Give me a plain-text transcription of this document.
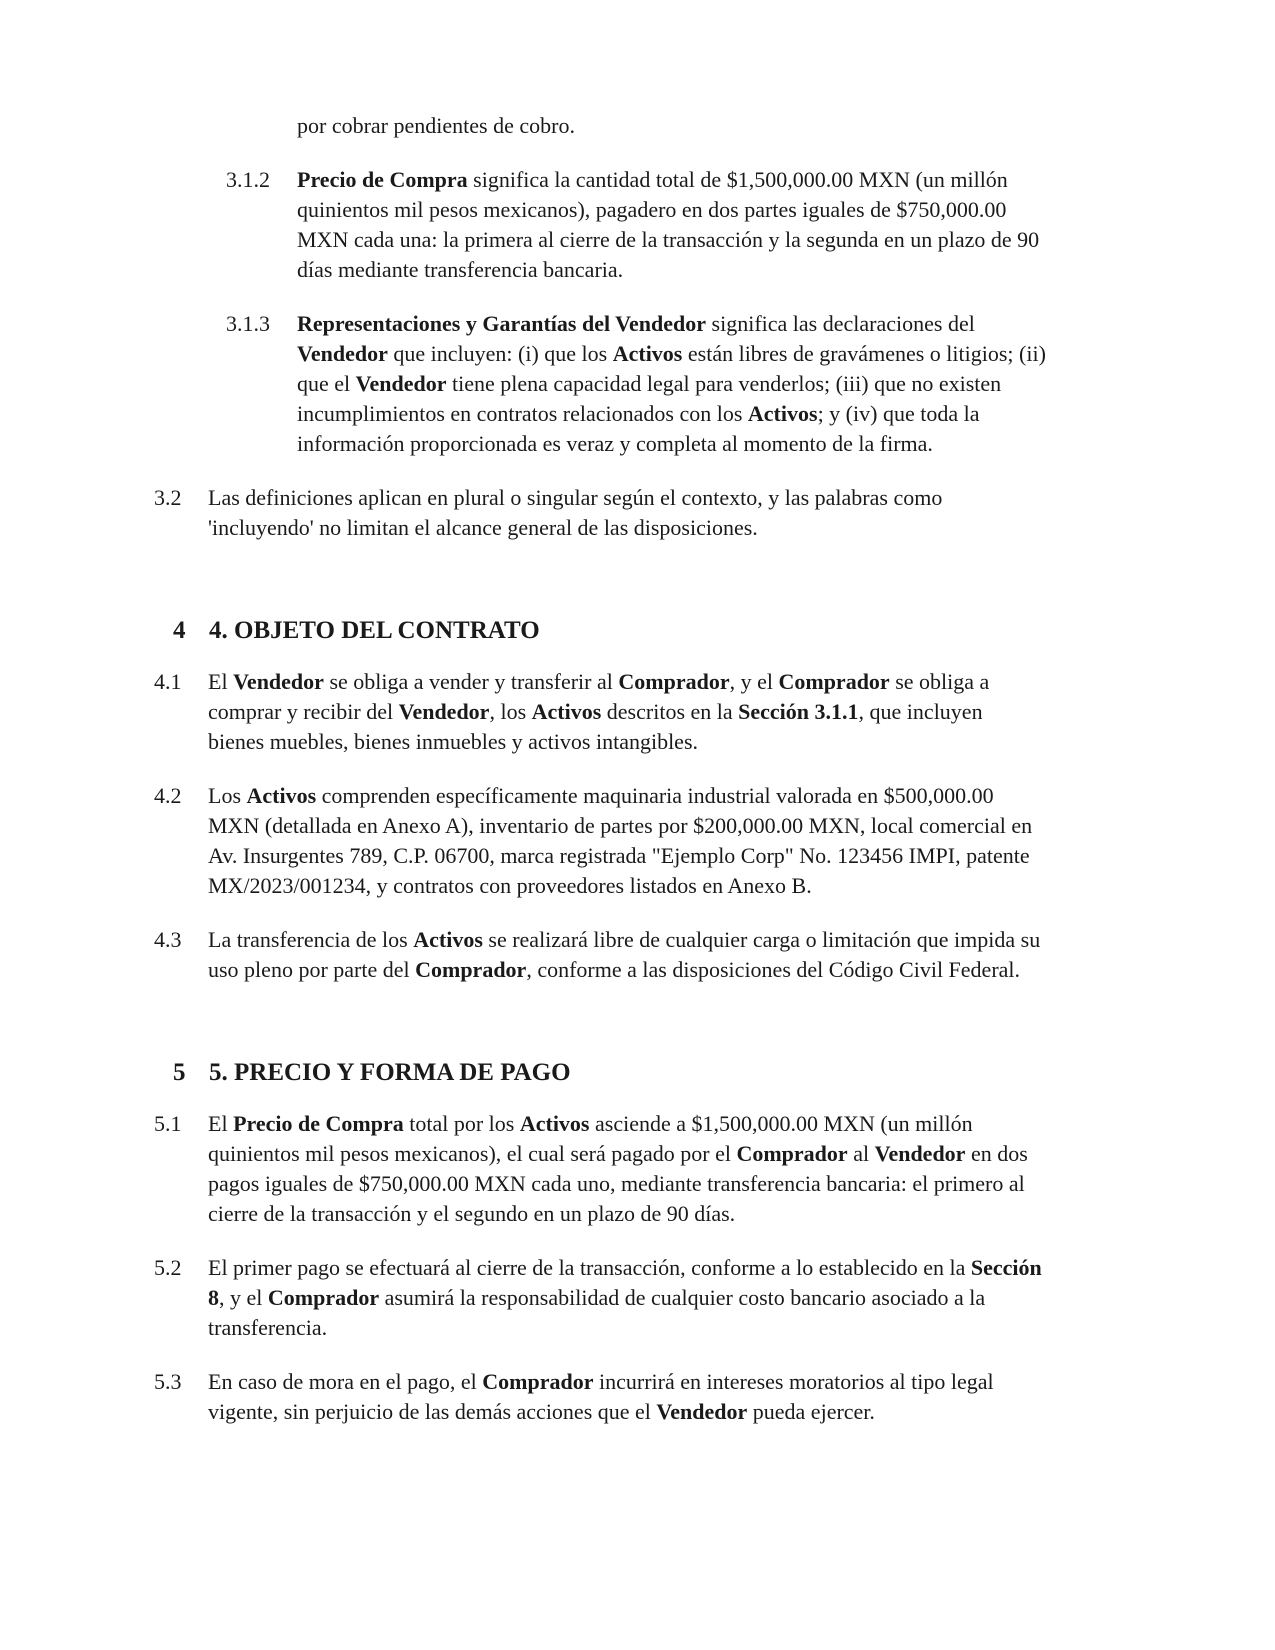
por cobrar pendientes de cobro.
3.1.2	Precio de Compra significa la cantidad total de $1,500,000.00 MXN (un millón
quinientos mil pesos mexicanos), pagadero en dos partes iguales de $750,000.00
MXN cada una: la primera al cierre de la transacción y la segunda en un plazo de 90
días mediante transferencia bancaria.
3.1.3	Representaciones y Garantías del Vendedor significa las declaraciones del
Vendedor que incluyen: (i) que los Activos están libres de gravámenes o litigios; (ii)
que el Vendedor tiene plena capacidad legal para venderlos; (iii) que no existen
incumplimientos en contratos relacionados con los Activos; y (iv) que toda la
información proporcionada es veraz y completa al momento de la firma.
3.2	Las definiciones aplican en plural o singular según el contexto, y las palabras como
'incluyendo' no limitan el alcance general de las disposiciones.
4 4. OBJETO DEL CONTRATO
4.1	El Vendedor se obliga a vender y transferir al Comprador, y el Comprador se obliga a
comprar y recibir del Vendedor, los Activos descritos en la Sección 3.1.1, que incluyen
bienes muebles, bienes inmuebles y activos intangibles.
4.2	Los Activos comprenden específicamente maquinaria industrial valorada en $500,000.00
MXN (detallada en Anexo A), inventario de partes por $200,000.00 MXN, local comercial en
Av. Insurgentes 789, C.P. 06700, marca registrada "Ejemplo Corp" No. 123456 IMPI, patente
MX/2023/001234, y contratos con proveedores listados en Anexo B.
4.3	La transferencia de los Activos se realizará libre de cualquier carga o limitación que impida su
uso pleno por parte del Comprador, conforme a las disposiciones del Código Civil Federal.
5 5. PRECIO Y FORMA DE PAGO
5.1	El Precio de Compra total por los Activos asciende a $1,500,000.00 MXN (un millón
quinientos mil pesos mexicanos), el cual será pagado por el Comprador al Vendedor en dos
pagos iguales de $750,000.00 MXN cada uno, mediante transferencia bancaria: el primero al
cierre de la transacción y el segundo en un plazo de 90 días.
5.2	El primer pago se efectuará al cierre de la transacción, conforme a lo establecido en la Sección
8, y el Comprador asumirá la responsabilidad de cualquier costo bancario asociado a la
transferencia.
5.3	En caso de mora en el pago, el Comprador incurrirá en intereses moratorios al tipo legal
vigente, sin perjuicio de las demás acciones que el Vendedor pueda ejercer.
